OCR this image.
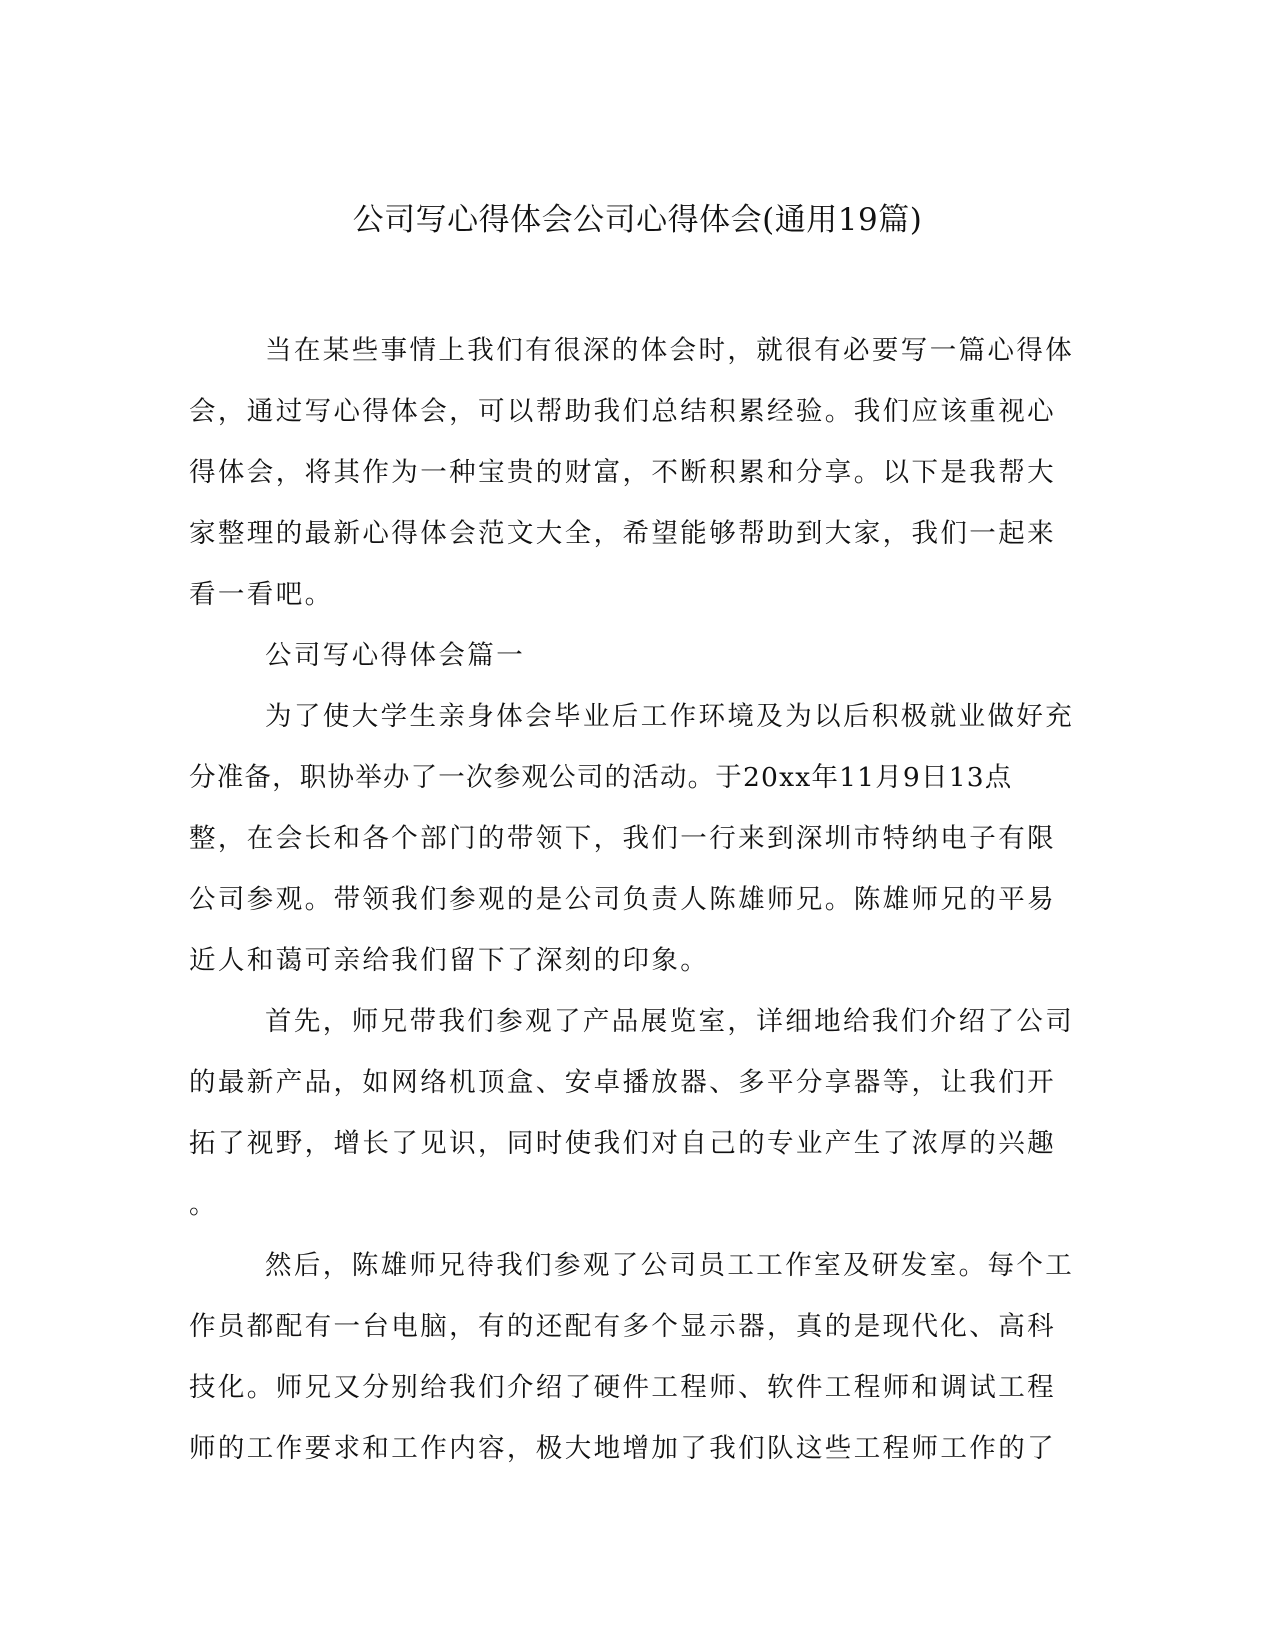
公司写心得体会公司心得体会(通用19篇)
当在某些事情上我们有很深的体会时，就很有必要写一篇心得体
会，通过写心得体会，可以帮助我们总结积累经验。我们应该重视心
得体会，将其作为一种宝贵的财富，不断积累和分享。以下是我帮大
家整理的最新心得体会范文大全，希望能够帮助到大家，我们一起来
看一看吧。
公司写心得体会篇一
为了使大学生亲身体会毕业后工作环境及为以后积极就业做好充
分准备，职协举办了一次参观公司的活动。于20xx年11月9日13点
整，在会长和各个部门的带领下，我们一行来到深圳市特纳电子有限
公司参观。带领我们参观的是公司负责人陈雄师兄。陈雄师兄的平易
近人和蔼可亲给我们留下了深刻的印象。
首先，师兄带我们参观了产品展览室，详细地给我们介绍了公司
的最新产品，如网络机顶盒、安卓播放器、多平分享器等，让我们开
拓了视野，增长了见识，同时使我们对自己的专业产生了浓厚的兴趣
。
然后，陈雄师兄待我们参观了公司员工工作室及研发室。每个工
作员都配有一台电脑，有的还配有多个显示器，真的是现代化、高科
技化。师兄又分别给我们介绍了硬件工程师、软件工程师和调试工程
师的工作要求和工作内容，极大地增加了我们队这些工程师工作的了
